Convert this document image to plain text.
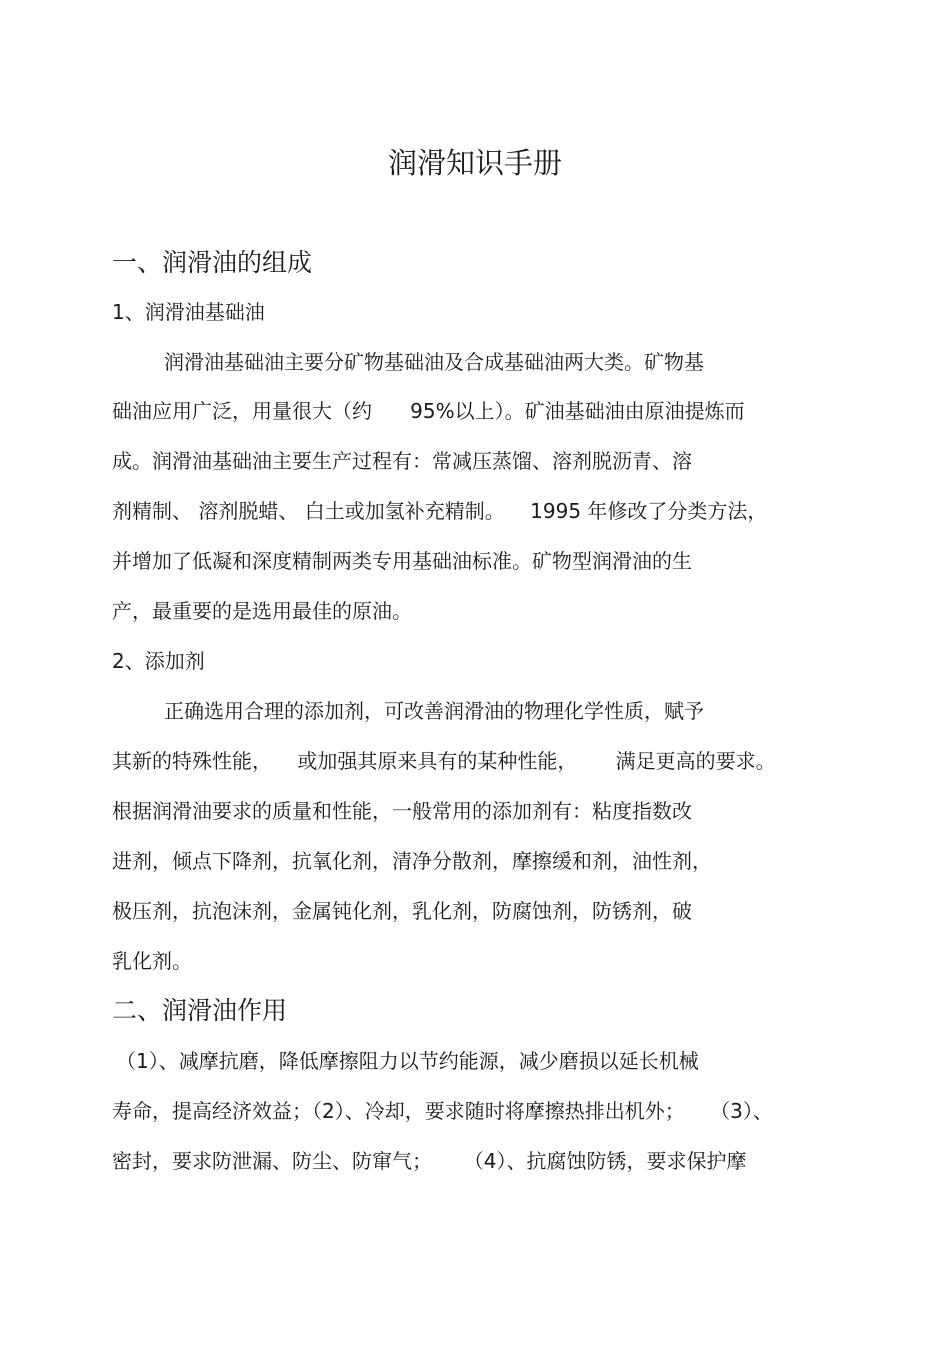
润滑知识手册
一、润滑油的组成
1、润滑油基础油
润滑油基础油主要分矿物基础油及合成基础油两大类。矿物基
础油应用广泛，用量很大（约      95%以上）。矿油基础油由原油提炼而
成。润滑油基础油主要生产过程有：常减压蒸馏、溶剂脱沥青、溶
剂精制、 溶剂脱蜡、 白土或加氢补充精制。    1995 年修改了分类方法，
并增加了低凝和深度精制两类专用基础油标准。矿物型润滑油的生
产，最重要的是选用最佳的原油。
2、添加剂
正确选用合理的添加剂，可改善润滑油的物理化学性质，赋予
其新的特殊性能，    或加强其原来具有的某种性能，      满足更高的要求。
根据润滑油要求的质量和性能，一般常用的添加剂有：粘度指数改
进剂，倾点下降剂，抗氧化剂，清净分散剂，摩擦缓和剂，油性剂，
极压剂，抗泡沫剂，金属钝化剂，乳化剂，防腐蚀剂，防锈剂，破
乳化剂。
二、润滑油作用
（1）、减摩抗磨，降低摩擦阻力以节约能源，减少磨损以延长机械
寿命，提高经济效益；（2）、冷却，要求随时将摩擦热排出机外；    （3）、
密封，要求防泄漏、防尘、防窜气；     （4）、抗腐蚀防锈，要求保护摩
